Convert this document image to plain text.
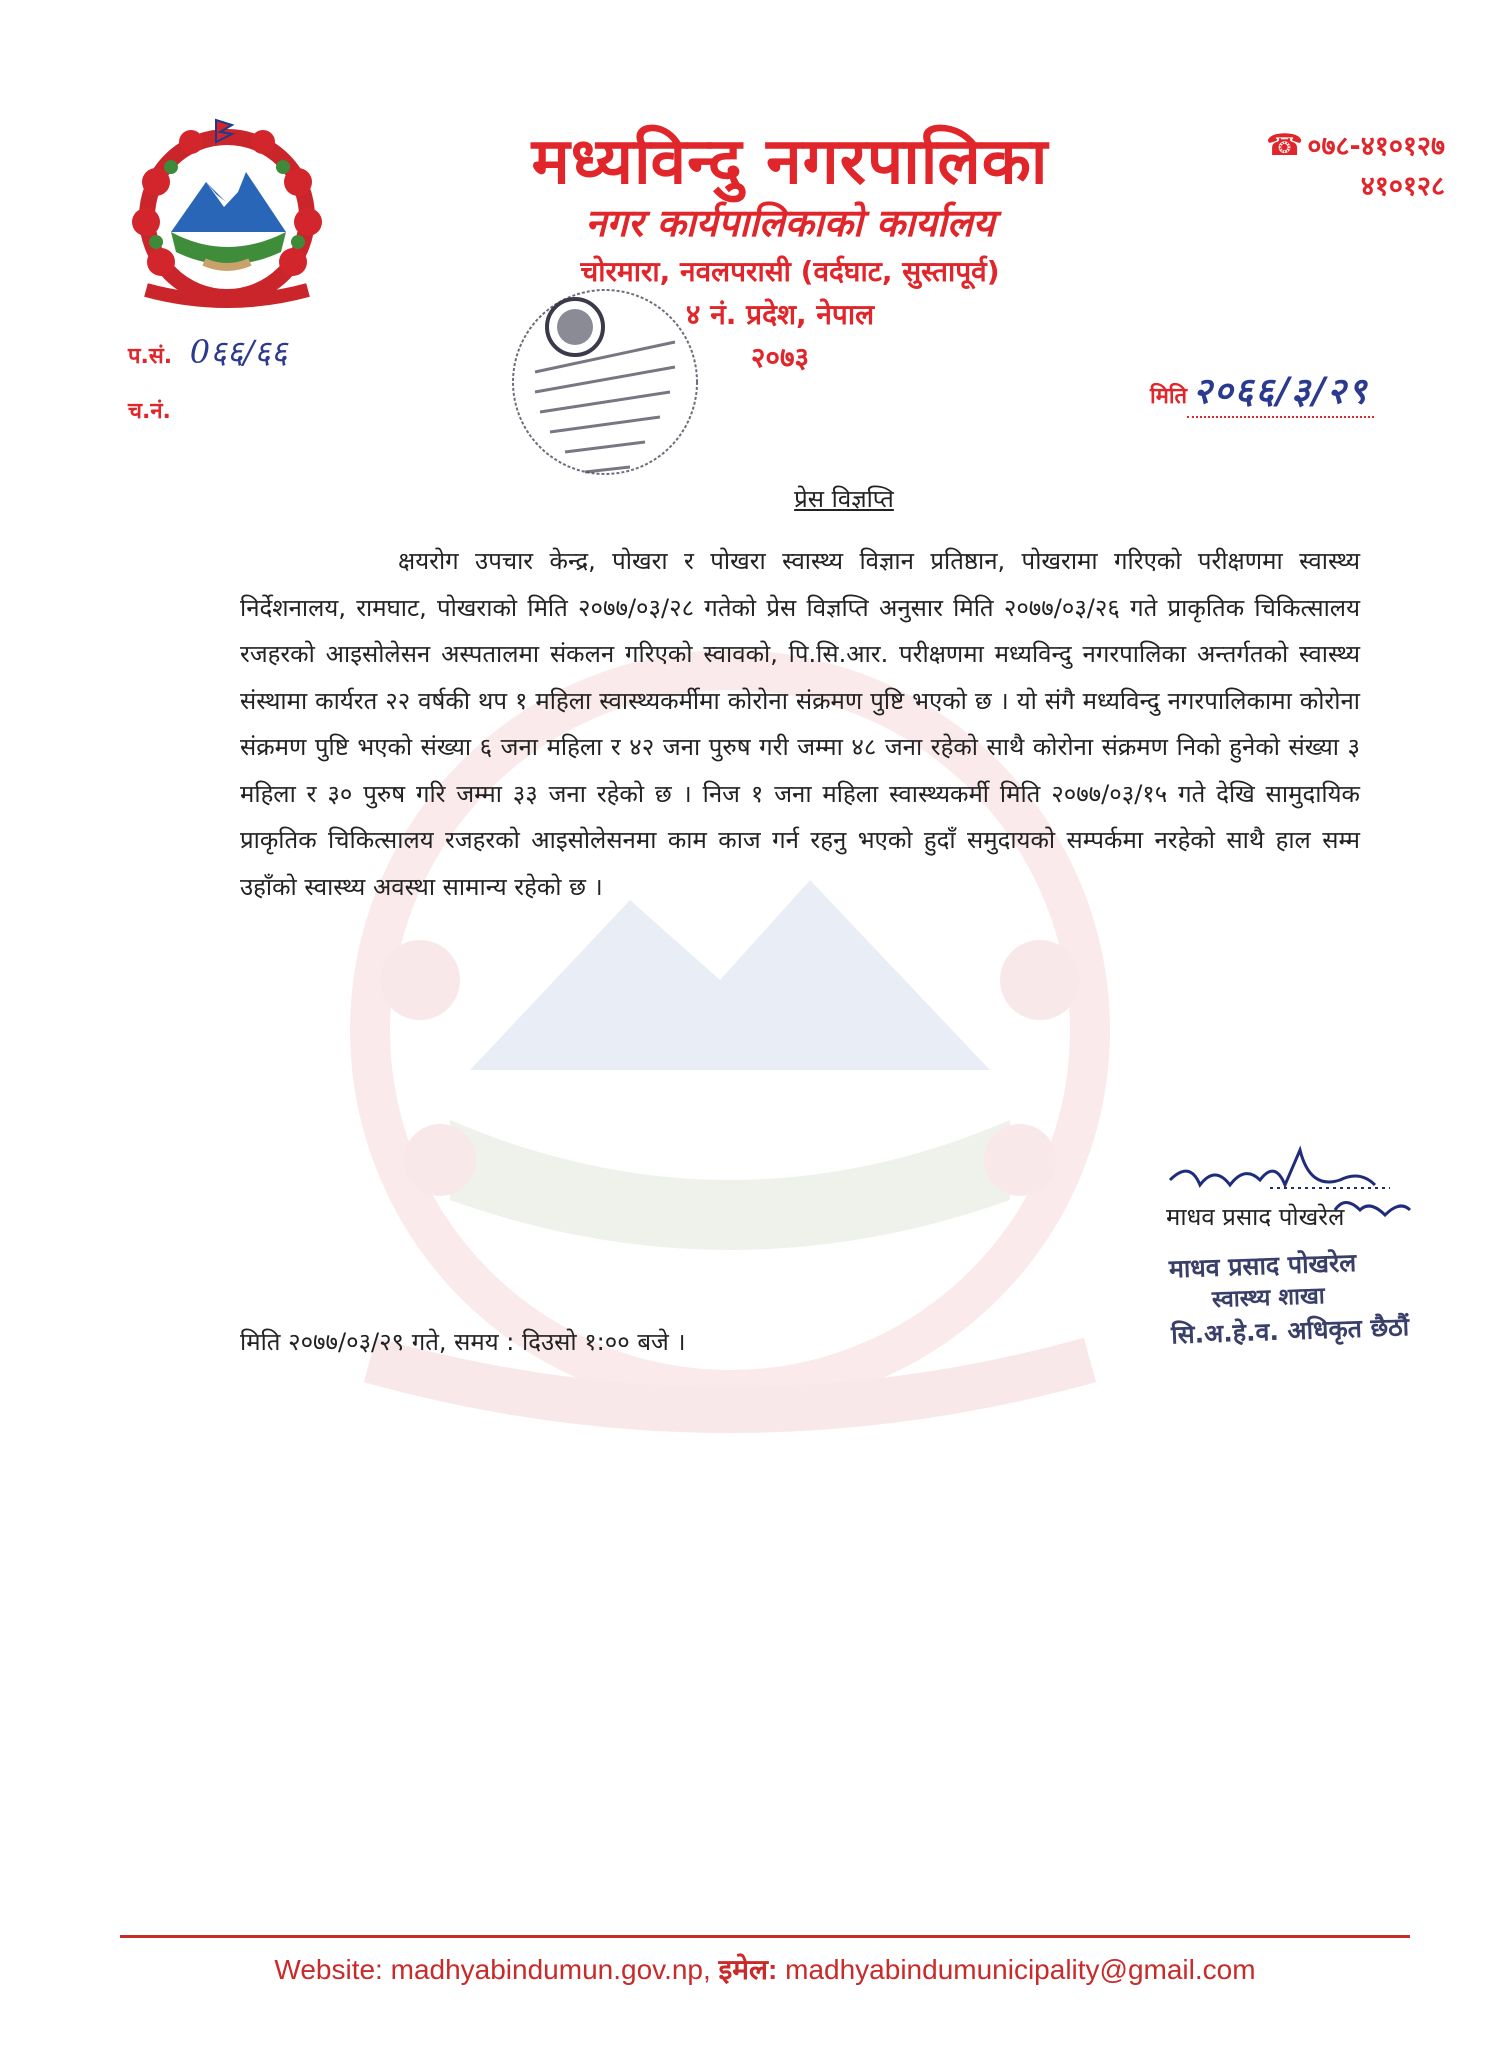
मध्यविन्दु नगरपालिका
नगर कार्यपालिकाको कार्यालय
चोरमारा, नवलपरासी (वर्दघाट, सुस्तापूर्व)
४ नं. प्रदेश, नेपाल
२०७३
☎ ०७८-४१०१२७
४१०१२८
प.सं. 0६६/६६
च.नं.
मिति २०६६/३/२९
प्रेस विज्ञप्ति
क्षयरोग उपचार केन्द्र, पोखरा र पोखरा स्वास्थ्य विज्ञान प्रतिष्ठान, पोखरामा गरिएको परीक्षणमा स्वास्थ्य निर्देशनालय, रामघाट, पोखराको मिति २०७७/०३/२८ गतेको प्रेस विज्ञप्ति अनुसार मिति २०७७/०३/२६ गते प्राकृतिक चिकित्सालय रजहरको आइसोलेसन अस्पतालमा संकलन गरिएको स्वावको, पि.सि.आर. परीक्षणमा मध्यविन्दु नगरपालिका अन्तर्गतको स्वास्थ्य संस्थामा कार्यरत २२ वर्षकी थप १ महिला स्वास्थ्यकर्मीमा कोरोना संक्रमण पुष्टि भएको छ । यो संगै मध्यविन्दु नगरपालिकामा कोरोना संक्रमण पुष्टि भएको संख्या ६ जना महिला र ४२ जना पुरुष गरी जम्मा ४८ जना रहेको साथै कोरोना संक्रमण निको हुनेको संख्या ३ महिला र ३० पुरुष गरि जम्मा ३३ जना रहेको छ । निज १ जना महिला स्वास्थ्यकर्मी मिति २०७७/०३/१५ गते देखि सामुदायिक प्राकृतिक चिकित्सालय रजहरको आइसोलेसनमा काम काज गर्न रहनु भएको हुदाँ समुदायको सम्पर्कमा नरहेको साथै हाल सम्म उहाँको स्वास्थ्य अवस्था सामान्य रहेको छ ।
माधव प्रसाद पोखरेल
माधव प्रसाद पोखरेल
स्वास्थ्य शाखा
सि.अ.हे.व. अधिकृत छैठौं
मिति २०७७/०३/२९ गते, समय : दिउसो १:०० बजे ।
Website: madhyabindumun.gov.np, इमेल: madhyabindumunicipality@gmail.com
